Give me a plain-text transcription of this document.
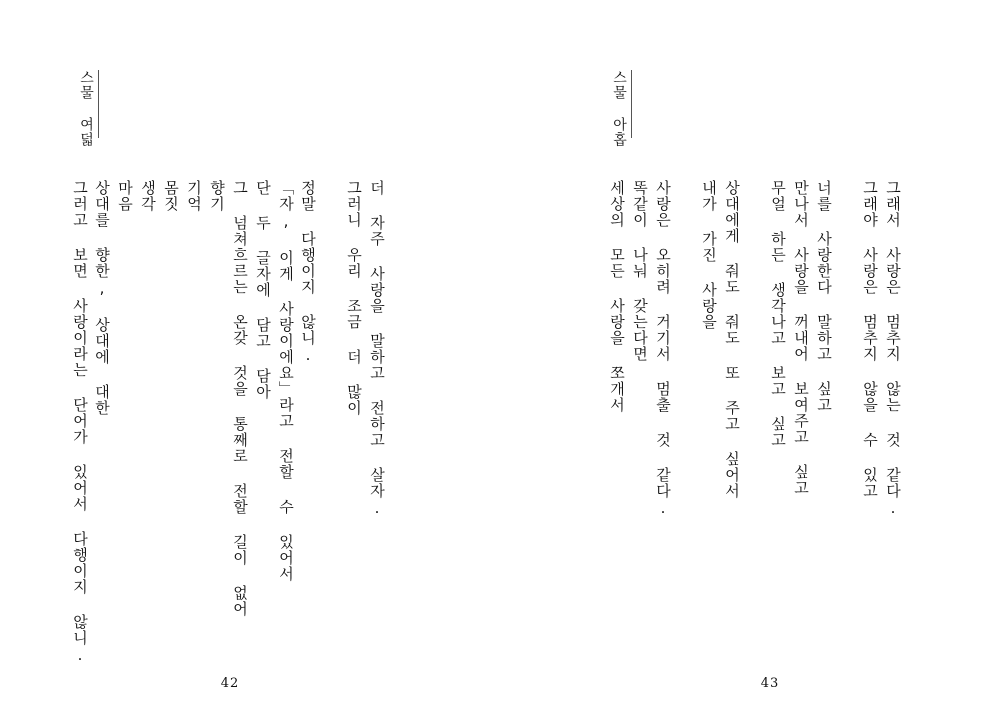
스물 여덟
더 자주 사랑을 말하고 전하고 살자.
그러니 우리 조금 더 많이
정말 다행이지 않니.
「자, 이게 사랑이에요」라고 전할 수 있어서
단 두 글자에 담고 담아
그 넘쳐흐르는 온갖 것을 통째로 전할 길이 없어
향기
기억
몸짓
생각
마음
상대를 향한, 상대에 대한
그러고 보면 사랑이라는 단어가 있어서 다행이지 않니.
42
스물 아홉
그래서 사랑은 멈추지 않는 것 같다.
그래야 사랑은 멈추지 않을 수 있고
너를 사랑한다 말하고 싶고
만나서 사랑을 꺼내어 보여주고 싶고
무얼 하든 생각나고 보고 싶고
상대에게 줘도 줘도 또 주고 싶어서
내가 가진 사랑을
사랑은 오히려 거기서 멈출 것 같다.
똑같이 나눠 갖는다면
세상의 모든 사랑을 쪼개서
43
